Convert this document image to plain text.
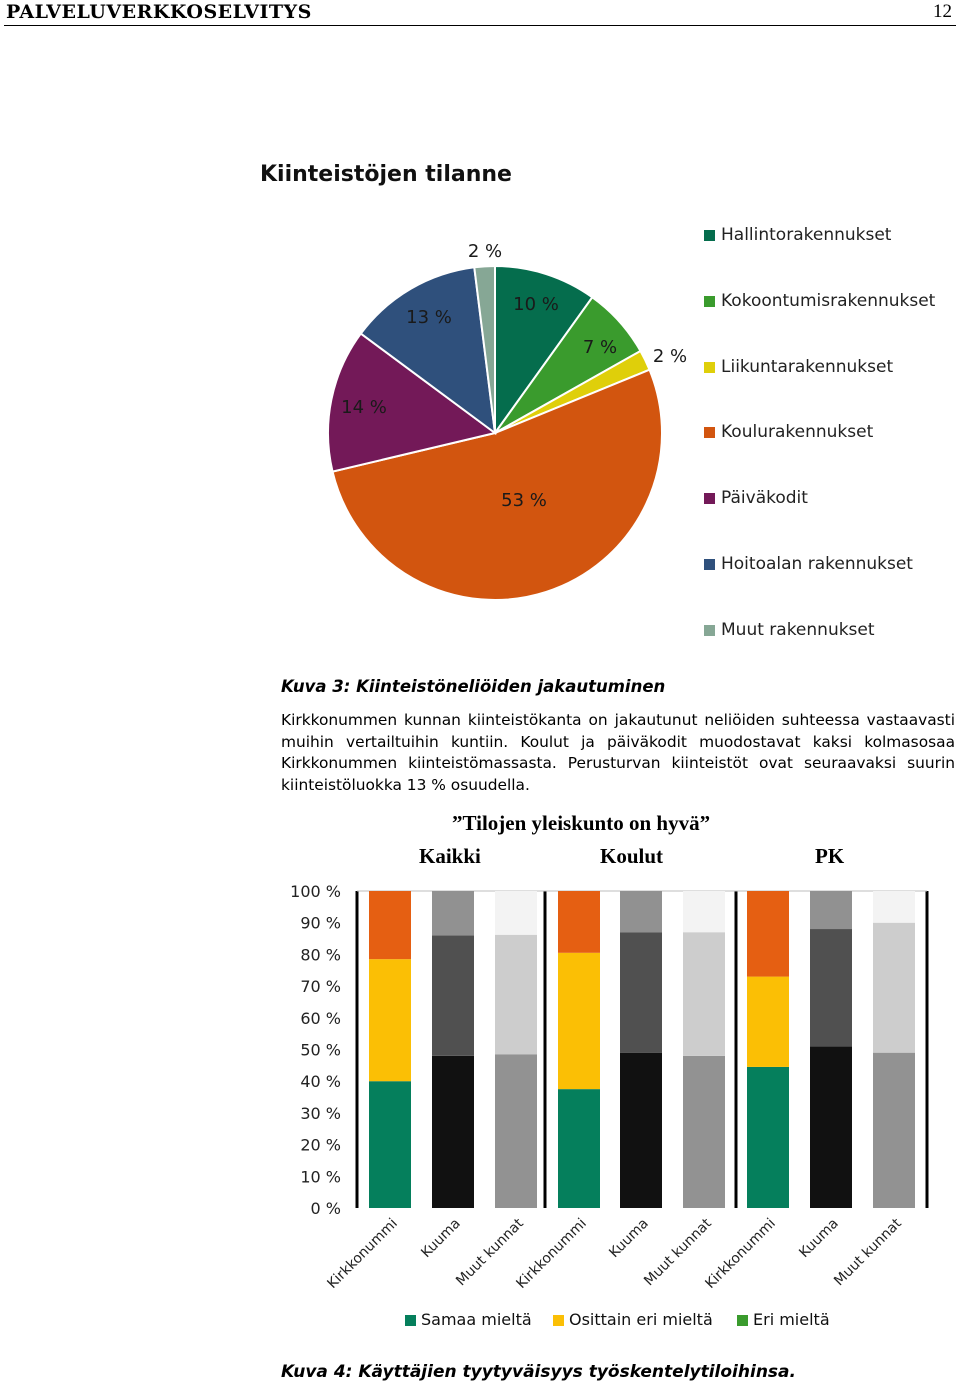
PALVELUVERKKOSELVITYS	12
Kiinteistöjen tilanne
10 %
7 % 2 %
53 %
14 %
13 %
2 %
Hallintorakennukset
Kokoontumisrakennukset
Liikuntarakennukset
Koulurakennukset
Päiväkodit
Hoitoalan rakennukset
Muut rakennukset
Kuva 3: Kiinteistöneliöiden jakautuminen
Kirkkonummen kunnan kiinteistökanta on jakautunut neliöiden suhteessa vastaavasti muihin vertailtuihin kuntiin. Koulut ja päiväkodit muodostavat kaksi kolmasosaa Kirkkonummen kiinteistömassasta. Perusturvan kiinteistöt ovat seuraavaksi suurin kiinteistöluokka 13 % osuudella.
”Tilojen yleiskunto on hyvä”
Kaikki	Koulut	PK
0 %
10 %
20 %
30 %
40 %
50 %
60 %
70 %
80 %
90 %
100 %
Kirkkonummi Kuuma
Muut kunnat
Kirkkonummi Kuuma
Muut kunnat
Kirkkonummi Kuuma
Muut kunnat
Samaa mieltä Osittain eri mieltä	Eri mieltä
Kuva 4: Käyttäjien tyytyväisyys työskentelytiloihinsa.
